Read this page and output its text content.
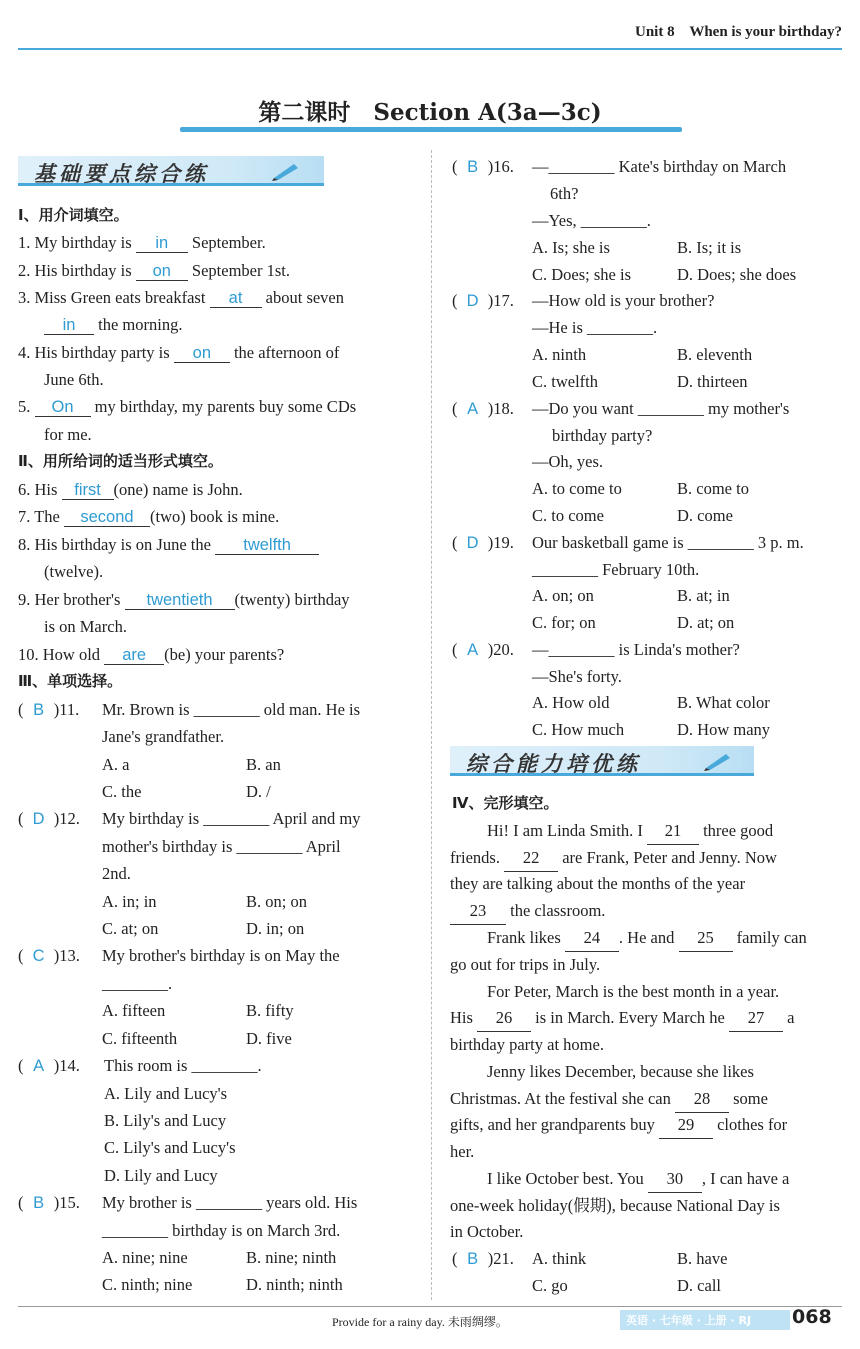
Unit 8 When is your birthday?
第二课时　Section A(3a—3c)
基础要点综合练
Ⅰ、用介词填空。
1. My birthday is in September.
2. His birthday is on September 1st.
3. Miss Green eats breakfast at about seven
in the morning.
4. His birthday party is on the afternoon of
June 6th.
5. On my birthday, my parents buy some CDs
for me.
Ⅱ、用所给词的适当形式填空。
6. His first (one) name is John.
7. The second (two) book is mine.
8. His birthday is on June the twelfth
(twelve).
9. Her brother's twentieth (twenty) birthday
is on March.
10. How old are (be) your parents?
Ⅲ、单项选择。
( B )11. Mr. Brown is ________ old man. He is
Jane's grandfather.
A. a	B. an
C. the	D. /
( D )12. My birthday is ________ April and my
mother's birthday is ________ April
2nd.
A. in; in	B. on; on
C. at; on	D. in; on
( C )13. My brother's birthday is on May the
________.
A. fifteen	B. fifty
C. fifteenth	D. five
( A )14. This room is ________.
A. Lily and Lucy's
B. Lily's and Lucy
C. Lily's and Lucy's
D. Lily and Lucy
( B )15. My brother is ________ years old. His
________ birthday is on March 3rd.
A. nine; nine	B. nine; ninth
C. ninth; nine	D. ninth; ninth
( B )16. —________ Kate's birthday on March
6th?
—Yes, ________.
A. Is; she is	B. Is; it is
C. Does; she is	D. Does; she does
( D )17. —How old is your brother?
—He is ________.
A. ninth	B. eleventh
C. twelfth	D. thirteen
( A )18. —Do you want ________ my mother's
birthday party?
—Oh, yes.
A. to come to	B. come to
C. to come	D. come
( D )19. Our basketball game is ________ 3 p. m.
________ February 10th.
A. on; on	B. at; in
C. for; on	D. at; on
( A )20. —________ is Linda's mother?
—She's forty.
A. How old	B. What color
C. How much	D. How many
综合能力培优练
Ⅳ、完形填空。
Hi! I am Linda Smith. I 21 three good
friends. 22 are Frank, Peter and Jenny. Now
they are talking about the months of the year
23 the classroom.
Frank likes 24 . He and 25 family can
go out for trips in July.
For Peter, March is the best month in a year.
His 26 is in March. Every March he 27 a
birthday party at home.
Jenny likes December, because she likes
Christmas. At the festival she can 28 some
gifts, and her grandparents buy 29 clothes for
her.
I like October best. You 30 , I can have a
one-week holiday(假期), because National Day is
in October.
( B )21. A. think	B. have
C. go	D. call
Provide for a rainy day. 未雨绸缪。	英语 · 七年级 · 上册 · RJ 068
